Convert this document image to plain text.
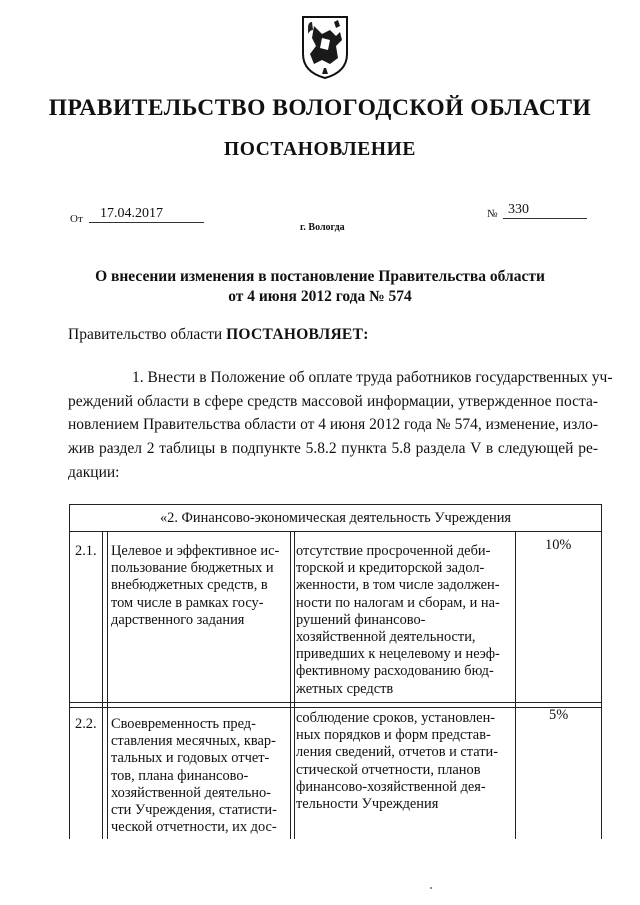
ПРАВИТЕЛЬСТВО ВОЛОГОДСКОЙ ОБЛАСТИ
ПОСТАНОВЛЕНИЕ
От 17.04.2017	№ 330
г. Вологда
О внесении изменения в постановление Правительства области
от 4 июня 2012 года № 574
Правительство области ПОСТАНОВЛЯЕТ:
1. Внести в Положение об оплате труда работников государственных уч-
реждений области в сфере средств массовой информации, утвержденное поста-
новлением Правительства области от 4 июня 2012 года № 574, изменение, изло-
жив раздел 2 таблицы в подпункте 5.8.2 пункта 5.8 раздела V в следующей ре-
дакции:
«2. Финансово-экономическая деятельность Учреждения
2.1. Целевое и эффективное ис-
пользование бюджетных и
внебюджетных средств, в
том числе в рамках госу-
дарственного задания
отсутствие просроченной деби-
торской и кредиторской задол-
женности, в том числе задолжен-
ности по налогам и сборам, и на-
рушений финансово-
хозяйственной деятельности,
приведших к нецелевому и неэф-
фективному расходованию бюд-
жетных средств
10%
2.2. Своевременность пред-
ставления месячных, квар-
тальных и годовых отчет-
тов, плана финансово-
хозяйственной деятельно-
сти Учреждения, статисти-
ческой отчетности, их дос-
соблюдение сроков, установлен-
ных порядков и форм представ-
ления сведений, отчетов и стати-
стической отчетности, планов
финансово-хозяйственной дея-
тельности Учреждения
5%
